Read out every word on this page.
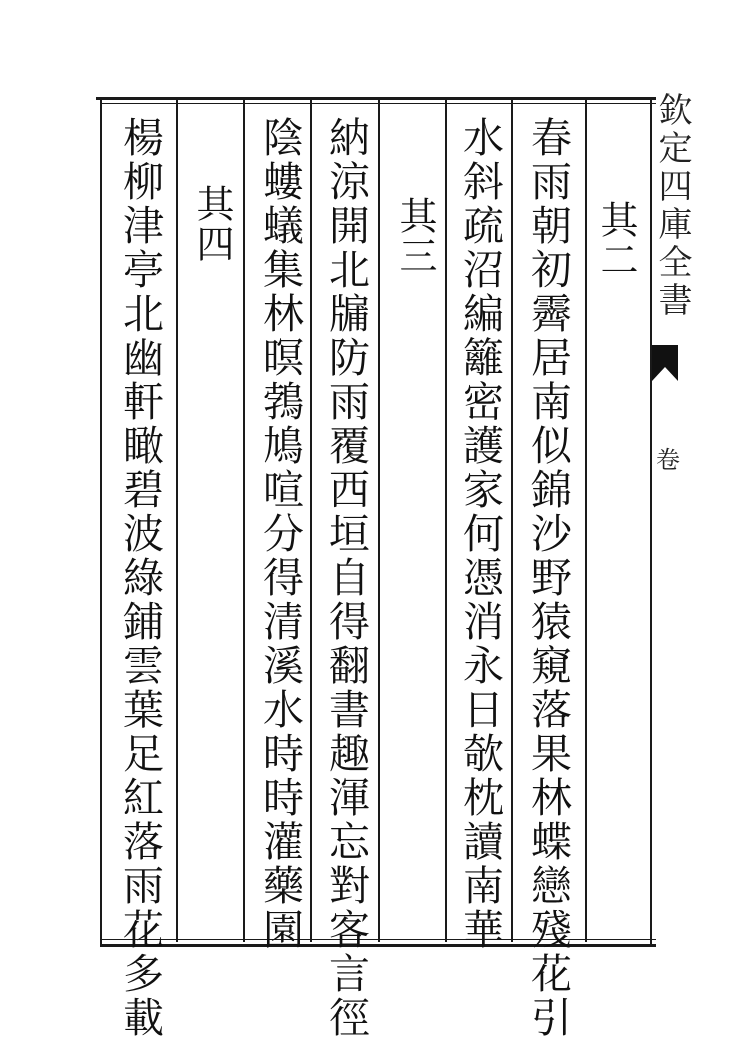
欽定四庫全書
卷
其二
春雨朝初霽居南似錦沙野猿窺落果林蝶戀殘花引
水斜疏沼編籬密護家何憑消永日欹枕讀南華
其三
納涼開北牖防雨覆西垣自得翻書趣渾忘對客言徑
陰螻蟻集林暝鵓鳩喧分得清溪水時時灌藥園
其四
楊柳津亭北幽軒瞰碧波綠鋪雲葉足紅落雨花多載
